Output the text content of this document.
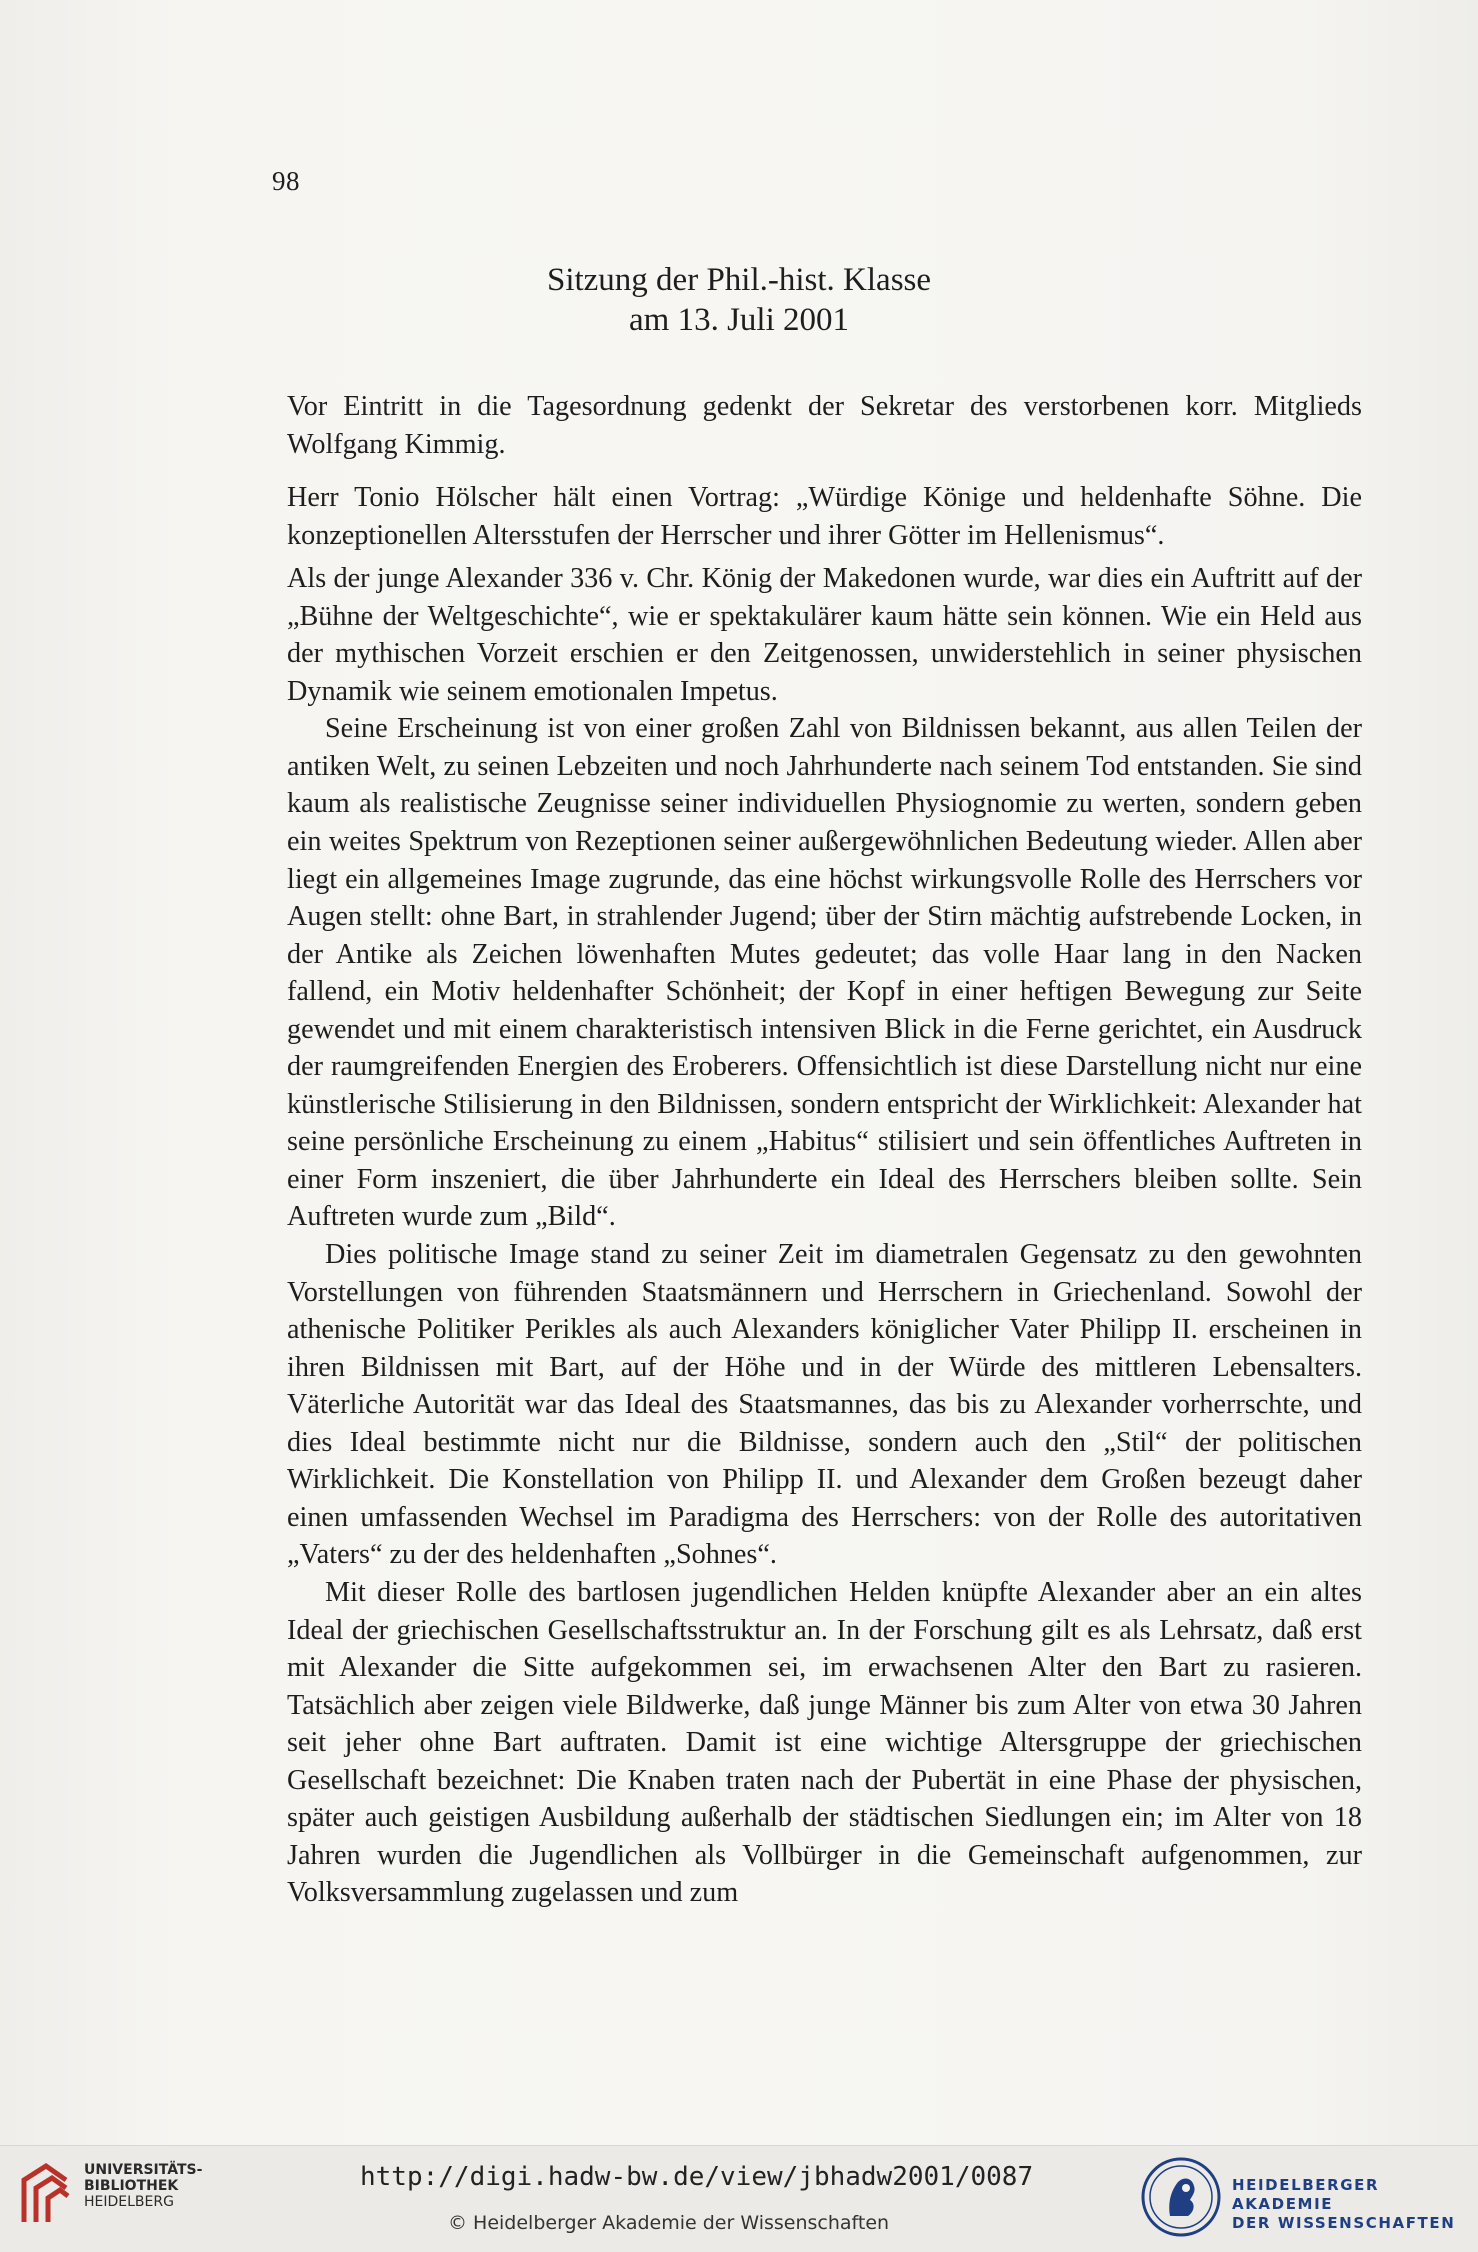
98
Sitzung der Phil.-hist. Klasse
am 13. Juli 2001

Vor Eintritt in die Tagesordnung gedenkt der Sekretar des verstorbenen korr. Mitglieds Wolfgang Kimmig.

Herr Tonio Hölscher hält einen Vortrag: „Würdige Könige und heldenhafte Söhne. Die konzeptionellen Altersstufen der Herrscher und ihrer Götter im Hellenismus“.

Als der junge Alexander 336 v. Chr. König der Makedonen wurde, war dies ein Auftritt auf der „Bühne der Weltgeschichte“, wie er spektakulärer kaum hätte sein können. Wie ein Held aus der mythischen Vorzeit erschien er den Zeitgenossen, unwiderstehlich in seiner physischen Dynamik wie seinem emotionalen Impetus.

Seine Erscheinung ist von einer großen Zahl von Bildnissen bekannt, aus allen Teilen der antiken Welt, zu seinen Lebzeiten und noch Jahrhunderte nach seinem Tod entstanden. Sie sind kaum als realistische Zeugnisse seiner individuellen Physiognomie zu werten, sondern geben ein weites Spektrum von Rezeptionen seiner außergewöhnlichen Bedeutung wieder. Allen aber liegt ein allgemeines Image zugrunde, das eine höchst wirkungsvolle Rolle des Herrschers vor Augen stellt: ohne Bart, in strahlender Jugend; über der Stirn mächtig aufstrebende Locken, in der Antike als Zeichen löwenhaften Mutes gedeutet; das volle Haar lang in den Nacken fallend, ein Motiv heldenhafter Schönheit; der Kopf in einer heftigen Bewegung zur Seite gewendet und mit einem charakteristisch intensiven Blick in die Ferne gerichtet, ein Ausdruck der raumgreifenden Energien des Eroberers. Offensichtlich ist diese Darstellung nicht nur eine künstlerische Stilisierung in den Bildnissen, sondern entspricht der Wirklichkeit: Alexander hat seine persönliche Erscheinung zu einem „Habitus“ stilisiert und sein öffentliches Auftreten in einer Form inszeniert, die über Jahrhunderte ein Ideal des Herrschers bleiben sollte. Sein Auftreten wurde zum „Bild“.

Dies politische Image stand zu seiner Zeit im diametralen Gegensatz zu den gewohnten Vorstellungen von führenden Staatsmännern und Herrschern in Griechenland. Sowohl der athenische Politiker Perikles als auch Alexanders königlicher Vater Philipp II. erscheinen in ihren Bildnissen mit Bart, auf der Höhe und in der Würde des mittleren Lebensalters. Väterliche Autorität war das Ideal des Staatsmannes, das bis zu Alexander vorherrschte, und dies Ideal bestimmte nicht nur die Bildnisse, sondern auch den „Stil“ der politischen Wirklichkeit. Die Konstellation von Philipp II. und Alexander dem Großen bezeugt daher einen umfassenden Wechsel im Paradigma des Herrschers: von der Rolle des autoritativen „Vaters“ zu der des heldenhaften „Sohnes“.

Mit dieser Rolle des bartlosen jugendlichen Helden knüpfte Alexander aber an ein altes Ideal der griechischen Gesellschaftsstruktur an. In der Forschung gilt es als Lehrsatz, daß erst mit Alexander die Sitte aufgekommen sei, im erwachsenen Alter den Bart zu rasieren. Tatsächlich aber zeigen viele Bildwerke, daß junge Männer bis zum Alter von etwa 30 Jahren seit jeher ohne Bart auftraten. Damit ist eine wichtige Altersgruppe der griechischen Gesellschaft bezeichnet: Die Knaben traten nach der Pubertät in eine Phase der physischen, später auch geistigen Ausbildung außerhalb der städtischen Siedlungen ein; im Alter von 18 Jahren wurden die Jugendlichen als Vollbürger in die Gemeinschaft aufgenommen, zur Volksversammlung zugelassen und zum

UNIVERSITÄTS-
BIBLIOTHEK
HEIDELBERG
http://digi.hadw-bw.de/view/jbhadw2001/0087
© Heidelberger Akademie der Wissenschaften
HEIDELBERGER AKADEMIE
DER WISSENSCHAFTEN
